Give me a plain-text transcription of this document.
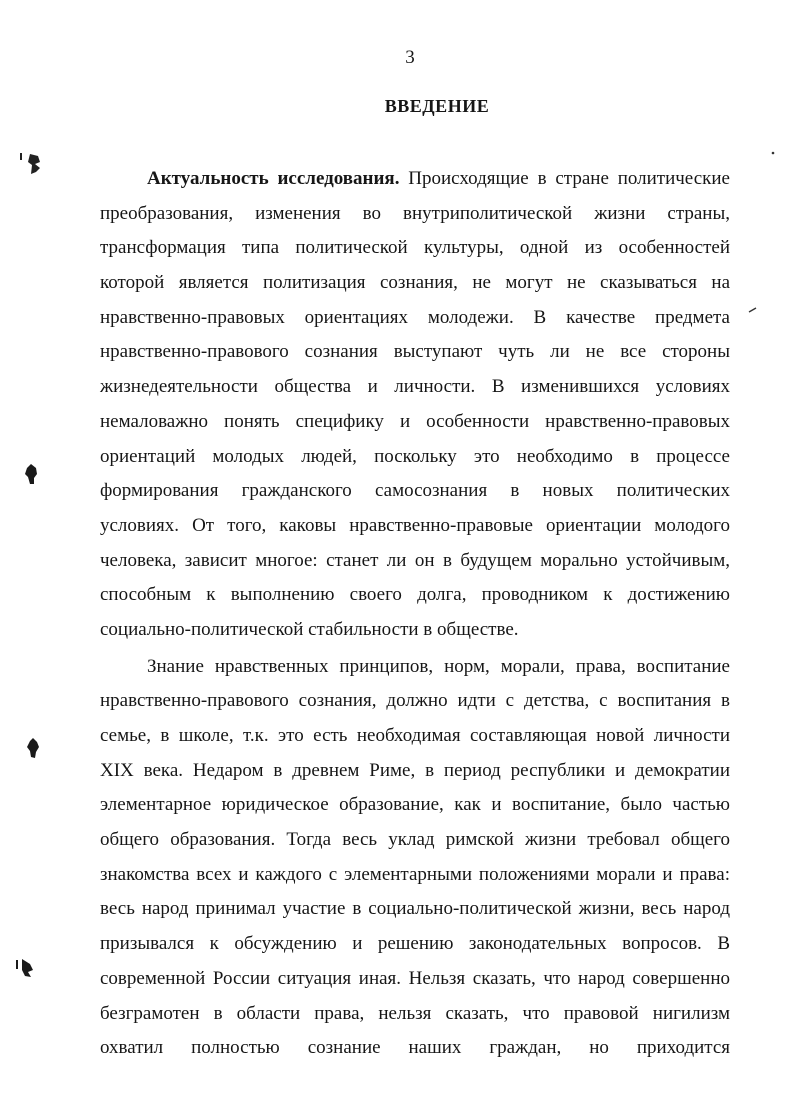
3
ВВЕДЕНИЕ
Актуальность исследования. Происходящие в стране политические
преобразования, изменения во внутриполитической жизни страны,
трансформация типа политической культуры, одной из особенностей
которой является политизация сознания, не могут не сказываться на
нравственно-правовых ориентациях молодежи. В качестве предмета
нравственно-правового сознания выступают чуть ли не все стороны
жизнедеятельности общества и личности. В изменившихся условиях
немаловажно понять специфику и особенности нравственно-правовых
ориентаций молодых людей, поскольку это необходимо в процессе
формирования гражданского самосознания в новых политических
условиях. От того, каковы нравственно-правовые ориентации молодого
человека, зависит многое: станет ли он в будущем морально устойчивым,
способным к выполнению своего долга, проводником к достижению
социально-политической стабильности в обществе.
Знание нравственных принципов, норм, морали, права, воспитание
нравственно-правового сознания, должно идти с детства, с воспитания в
семье, в школе, т.к. это есть необходимая составляющая новой личности
XIX века. Недаром в древнем Риме, в период республики и демократии
элементарное юридическое образование, как и воспитание, было частью
общего образования. Тогда весь уклад римской жизни требовал общего
знакомства всех и каждого с элементарными положениями морали и права:
весь народ принимал участие в социально-политической жизни, весь народ
призывался к обсуждению и решению законодательных вопросов. В
современной России ситуация иная. Нельзя сказать, что народ совершенно
безграмотен в области права, нельзя сказать, что правовой нигилизм
охватил полностью сознание наших граждан, но приходится
